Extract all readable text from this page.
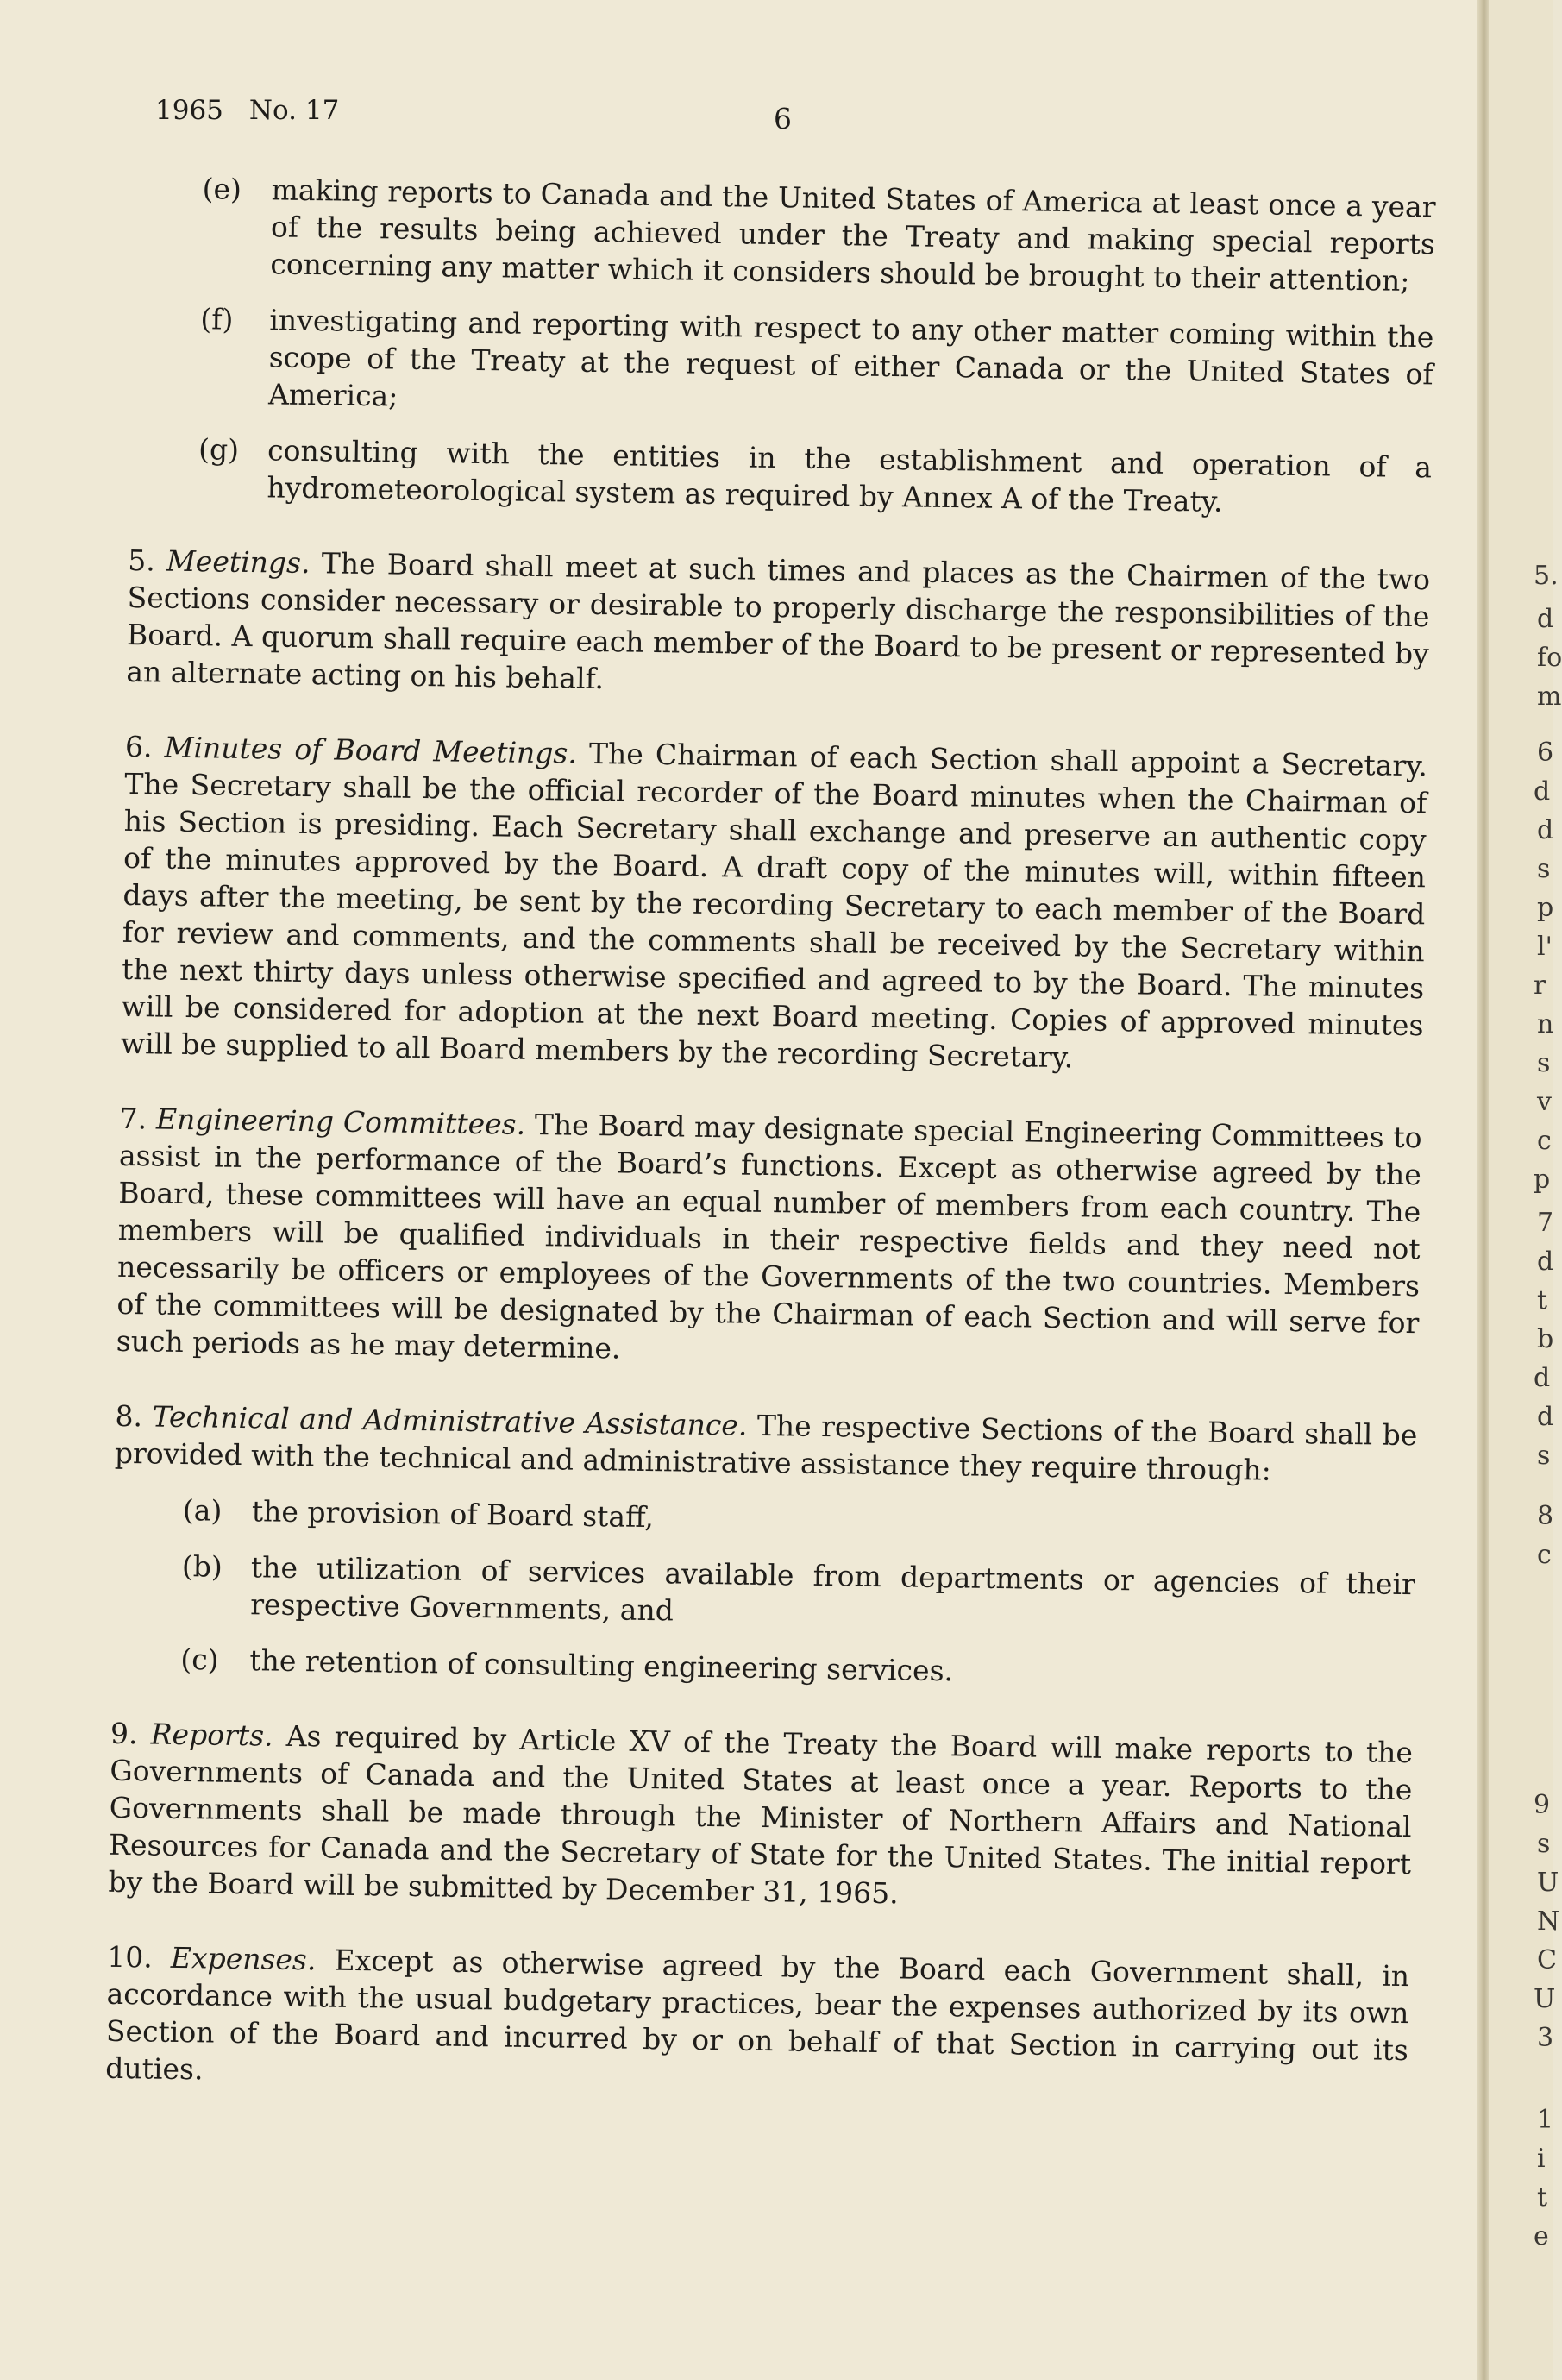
1965 No. 17	6
(e)	making reports to Canada and the United States of America at least once a year of the results being achieved under the Treaty and making special reports concerning any matter which it considers should be brought to their attention;
(f)	investigating and reporting with respect to any other matter coming within the scope of the Treaty at the request of either Canada or the United States of America;
(g) consulting with the entities in the establishment and operation of a hydrometeorological system as required by Annex A of the Treaty.

5. Meetings. The Board shall meet at such times and places as the Chairmen of the two Sections consider necessary or desirable to properly discharge the responsibilities of the Board. A quorum shall require each member of the Board to be present or represented by an alternate acting on his behalf.

6. Minutes of Board Meetings. The Chairman of each Section shall appoint a Secretary. The Secretary shall be the official recorder of the Board minutes when the Chairman of his Section is presiding. Each Secretary shall exchange and preserve an authentic copy of the minutes approved by the Board. A draft copy of the minutes will, within fifteen days after the meeting, be sent by the recording Secretary to each member of the Board for review and comments, and the comments shall be received by the Secretary within the next thirty days unless otherwise specified and agreed to by the Board. The minutes will be considered for adoption at the next Board meeting. Copies of approved minutes will be supplied to all Board members by the recording Secretary.

7. Engineering Committees. The Board may designate special Engineering Committees to assist in the performance of the Board’s functions. Except as otherwise agreed by the Board, these committees will have an equal number of members from each country. The members will be qualified individuals in their respective fields and they need not necessarily be officers or employees of the Governments of the two countries. Members of the committees will be designated by the Chairman of each Section and will serve for such periods as he may determine.

8. Technical and Administrative Assistance. The respective Sections of the Board shall be provided with the technical and administrative assistance they require through:

(a)	the provision of Board staff,
(b) the utilization of services available from departments or agencies of their respective Governments, and
(c)	the retention of consulting engineering services.

9. Reports. As required by Article XV of the Treaty the Board will make reports to the Governments of Canada and the United States at least once a year. Reports to the Governments shall be made through the Minister of Northern Affairs and National Resources for Canada and the Secretary of State for the United States. The initial report by the Board will be submitted by December 31, 1965.

10. Expenses. Except as otherwise agreed by the Board each Government shall, in accordance with the usual budgetary practices, bear the expenses authorized by its own Section of the Board and incurred by or on behalf of that Section in carrying out its duties.

5.
d
fo
m
6
d
d
s
p
l'
r
n
s
v
c
p
7
d
t
b
d
d
s
8
c
9
s
U
N
C
U
3
1
i
t
e
